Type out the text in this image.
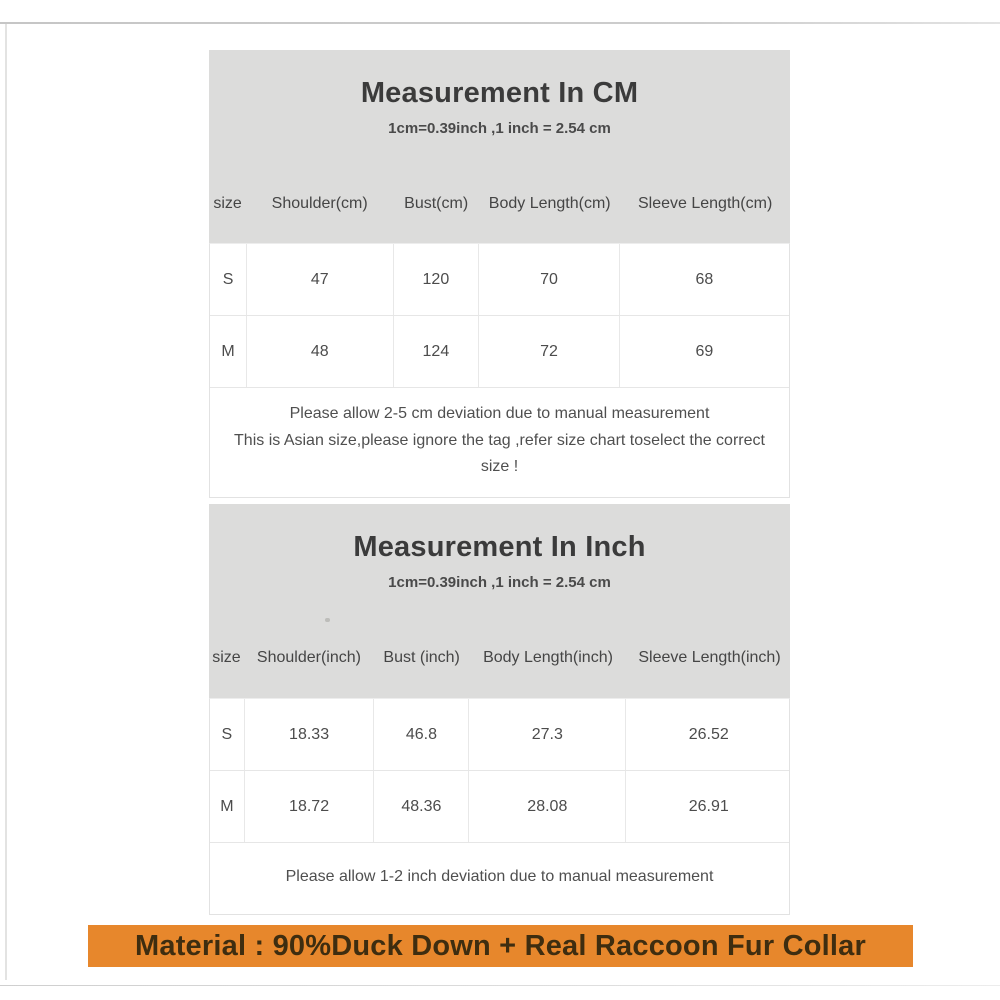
Measurement In CM
1cm=0.39inch ,1 inch = 2.54 cm
size	Shoulder(cm)	Bust(cm)	Body Length(cm)	Sleeve Length(cm)
S	47	120	70	68
M	48	124	72	69
Please allow 2-5 cm deviation due to manual measurement
This is Asian size,please ignore the tag ,refer size chart toselect the correct size !
Measurement In Inch
1cm=0.39inch ,1 inch = 2.54 cm
size	Shoulder(inch)	Bust (inch)	Body Length(inch)	Sleeve Length(inch)
S	18.33	46.8	27.3	26.52
M	18.72	48.36	28.08	26.91
Please allow 1-2 inch deviation due to manual measurement
Material : 90%Duck Down + Real Raccoon Fur Collar
